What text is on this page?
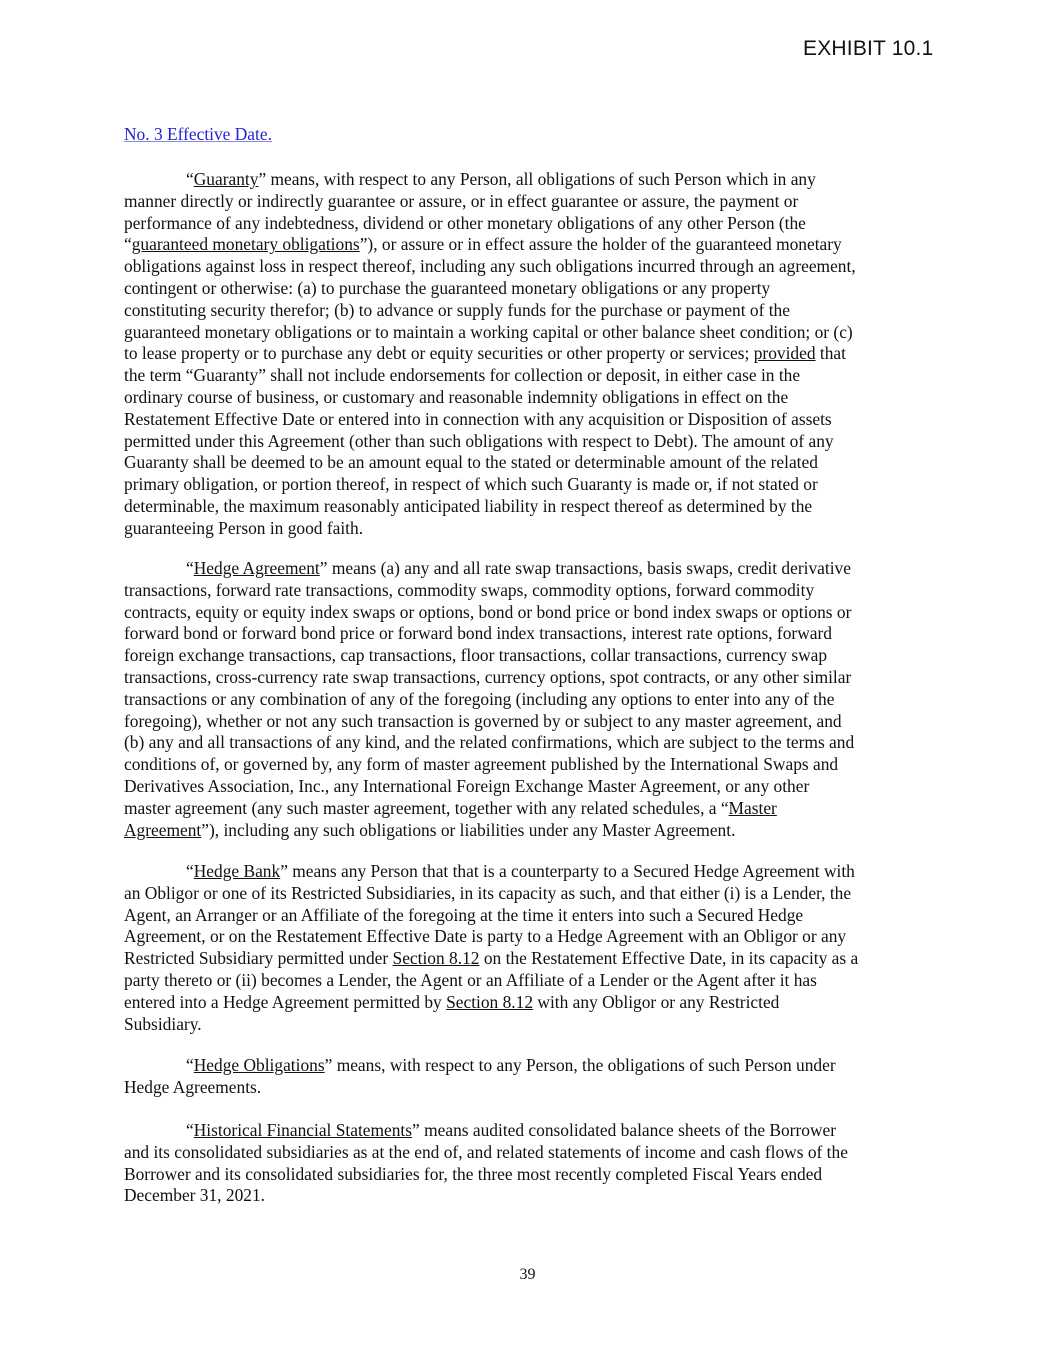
EXHIBIT 10.1
No. 3 Effective Date.
“Guaranty” means, with respect to any Person, all obligations of such Person which in any
manner directly or indirectly guarantee or assure, or in effect guarantee or assure, the payment or
performance of any indebtedness, dividend or other monetary obligations of any other Person (the
“guaranteed monetary obligations”), or assure or in effect assure the holder of the guaranteed monetary
obligations against loss in respect thereof, including any such obligations incurred through an agreement,
contingent or otherwise: (a) to purchase the guaranteed monetary obligations or any property
constituting security therefor; (b) to advance or supply funds for the purchase or payment of the
guaranteed monetary obligations or to maintain a working capital or other balance sheet condition; or (c)
to lease property or to purchase any debt or equity securities or other property or services; provided that
the term “Guaranty” shall not include endorsements for collection or deposit, in either case in the
ordinary course of business, or customary and reasonable indemnity obligations in effect on the
Restatement Effective Date or entered into in connection with any acquisition or Disposition of assets
permitted under this Agreement (other than such obligations with respect to Debt). The amount of any
Guaranty shall be deemed to be an amount equal to the stated or determinable amount of the related
primary obligation, or portion thereof, in respect of which such Guaranty is made or, if not stated or
determinable, the maximum reasonably anticipated liability in respect thereof as determined by the
guaranteeing Person in good faith.
“Hedge Agreement” means (a) any and all rate swap transactions, basis swaps, credit derivative
transactions, forward rate transactions, commodity swaps, commodity options, forward commodity
contracts, equity or equity index swaps or options, bond or bond price or bond index swaps or options or
forward bond or forward bond price or forward bond index transactions, interest rate options, forward
foreign exchange transactions, cap transactions, floor transactions, collar transactions, currency swap
transactions, cross-currency rate swap transactions, currency options, spot contracts, or any other similar
transactions or any combination of any of the foregoing (including any options to enter into any of the
foregoing), whether or not any such transaction is governed by or subject to any master agreement, and
(b) any and all transactions of any kind, and the related confirmations, which are subject to the terms and
conditions of, or governed by, any form of master agreement published by the International Swaps and
Derivatives Association, Inc., any International Foreign Exchange Master Agreement, or any other
master agreement (any such master agreement, together with any related schedules, a “Master
Agreement”), including any such obligations or liabilities under any Master Agreement.
“Hedge Bank” means any Person that that is a counterparty to a Secured Hedge Agreement with
an Obligor or one of its Restricted Subsidiaries, in its capacity as such, and that either (i) is a Lender, the
Agent, an Arranger or an Affiliate of the foregoing at the time it enters into such a Secured Hedge
Agreement, or on the Restatement Effective Date is party to a Hedge Agreement with an Obligor or any
Restricted Subsidiary permitted under Section 8.12 on the Restatement Effective Date, in its capacity as a
party thereto or (ii) becomes a Lender, the Agent or an Affiliate of a Lender or the Agent after it has
entered into a Hedge Agreement permitted by Section 8.12 with any Obligor or any Restricted
Subsidiary.
“Hedge Obligations” means, with respect to any Person, the obligations of such Person under
Hedge Agreements.
“Historical Financial Statements” means audited consolidated balance sheets of the Borrower
and its consolidated subsidiaries as at the end of, and related statements of income and cash flows of the
Borrower and its consolidated subsidiaries for, the three most recently completed Fiscal Years ended
December 31, 2021.
39
